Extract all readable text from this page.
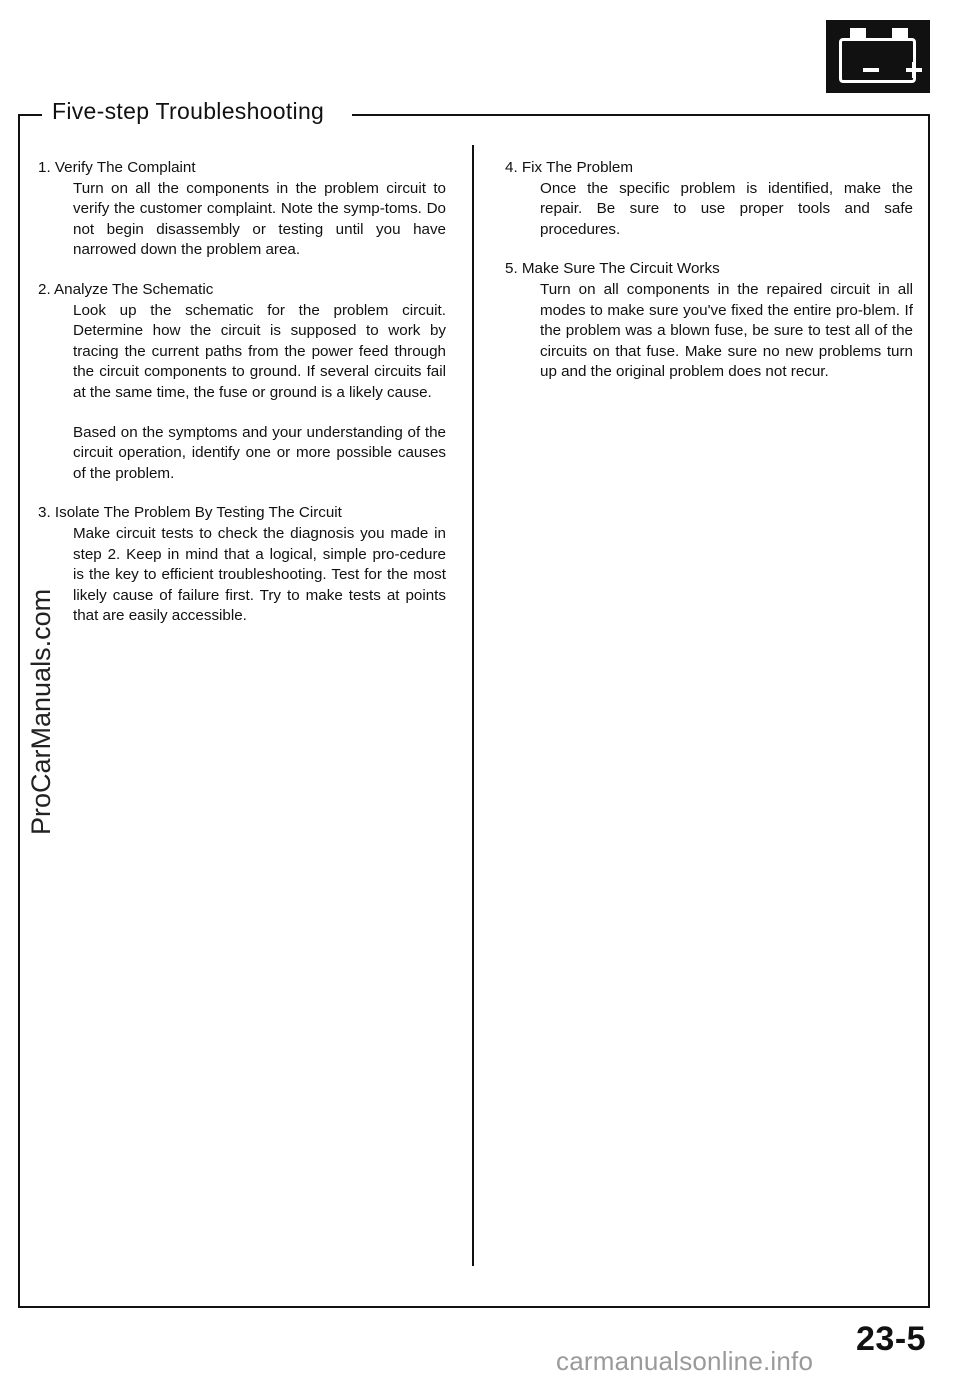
Five-step Troubleshooting
1. Verify The Complaint
Turn on all the components in the problem circuit to verify the customer complaint. Note the symp-toms. Do not begin disassembly or testing until you have narrowed down the problem area.
2. Analyze The Schematic
Look up the schematic for the problem circuit. Determine how the circuit is supposed to work by tracing the current paths from the power feed through the circuit components to ground. If several circuits fail at the same time, the fuse or ground is a likely cause.
Based on the symptoms and your understanding of the circuit operation, identify one or more possible causes of the problem.
3. Isolate The Problem By Testing The Circuit
Make circuit tests to check the diagnosis you made in step 2. Keep in mind that a logical, simple pro-cedure is the key to efficient troubleshooting. Test for the most likely cause of failure first. Try to make tests at points that are easily accessible.
4. Fix The Problem
Once the specific problem is identified, make the repair. Be sure to use proper tools and safe procedures.
5. Make Sure The Circuit Works
Turn on all components in the repaired circuit in all modes to make sure you've fixed the entire pro-blem. If the problem was a blown fuse, be sure to test all of the circuits on that fuse. Make sure no new problems turn up and the original problem does not recur.
ProCarManuals.com
23-5
carmanualsonline.info
